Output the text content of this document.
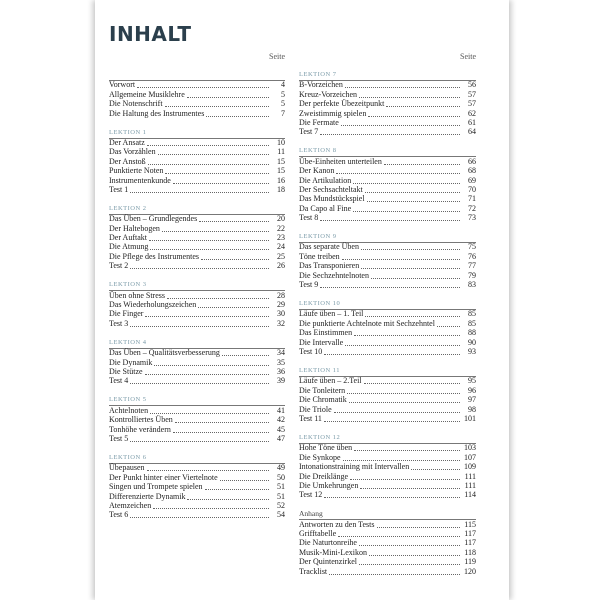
INHALT
Seite
Vorwort	4
Allgemeine Musiklehre	5
Die Notenschrift	5
Die Haltung des Instrumentes	7
LEKTION 1
Der Ansatz	10
Das Vorzählen	11
Der Anstoß	15
Punktierte Noten	15
Instrumentenkunde	16
Test 1	18
LEKTION 2
Das Üben – Grundlegendes	20
Der Haltebogen	22
Der Auftakt	23
Die Atmung	24
Die Pflege des Instrumentes	25
Test 2	26
LEKTION 3
Üben ohne Stress	28
Das Wiederholungszeichen	29
Die Finger	30
Test 3	32
LEKTION 4
Das Üben – Qualitätsverbesserung	34
Die Dynamik	35
Die Stütze	36
Test 4	39
LEKTION 5
Achtelnoten	41
Kontrolliertes Üben	42
Tonhöhe verändern	45
Test 5	47
LEKTION 6
Übepausen	49
Der Punkt hinter einer Viertelnote	50
Singen und Trompete spielen	51
Differenzierte Dynamik	51
Atemzeichen	52
Test 6	54
Seite
LEKTION 7
B-Vorzeichen	56
Kreuz-Vorzeichen	57
Der perfekte Übezeitpunkt	57
Zweistimmig spielen	62
Die Fermate	61
Test 7	64
LEKTION 8
Übe-Einheiten unterteilen	66
Der Kanon	68
Die Artikulation	69
Der Sechsachteltakt	70
Das Mundstückspiel	71
Da Capo al Fine	72
Test 8	73
LEKTION 9
Das separate Üben	75
Töne treiben	76
Das Transponieren	77
Die Sechzehntelnoten	79
Test 9	83
LEKTION 10
Läufe üben – 1. Teil	85
Die punktierte Achtelnote mit Sechzehntel	85
Das Einstimmen	88
Die Intervalle	90
Test 10	93
LEKTION 11
Läufe üben – 2.Teil	95
Die Tonleitern	96
Die Chromatik	97
Die Triole	98
Test 11	101
LEKTION 12
Hohe Töne üben	103
Die Synkope	107
Intonationstraining mit Intervallen	109
Die Dreiklänge	111
Die Umkehrungen	111
Test 12	114
Anhang
Antworten zu den Tests	115
Grifftabelle	117
Die Naturtonreihe	117
Musik-Mini-Lexikon	118
Der Quintenzirkel	119
Tracklist	120
